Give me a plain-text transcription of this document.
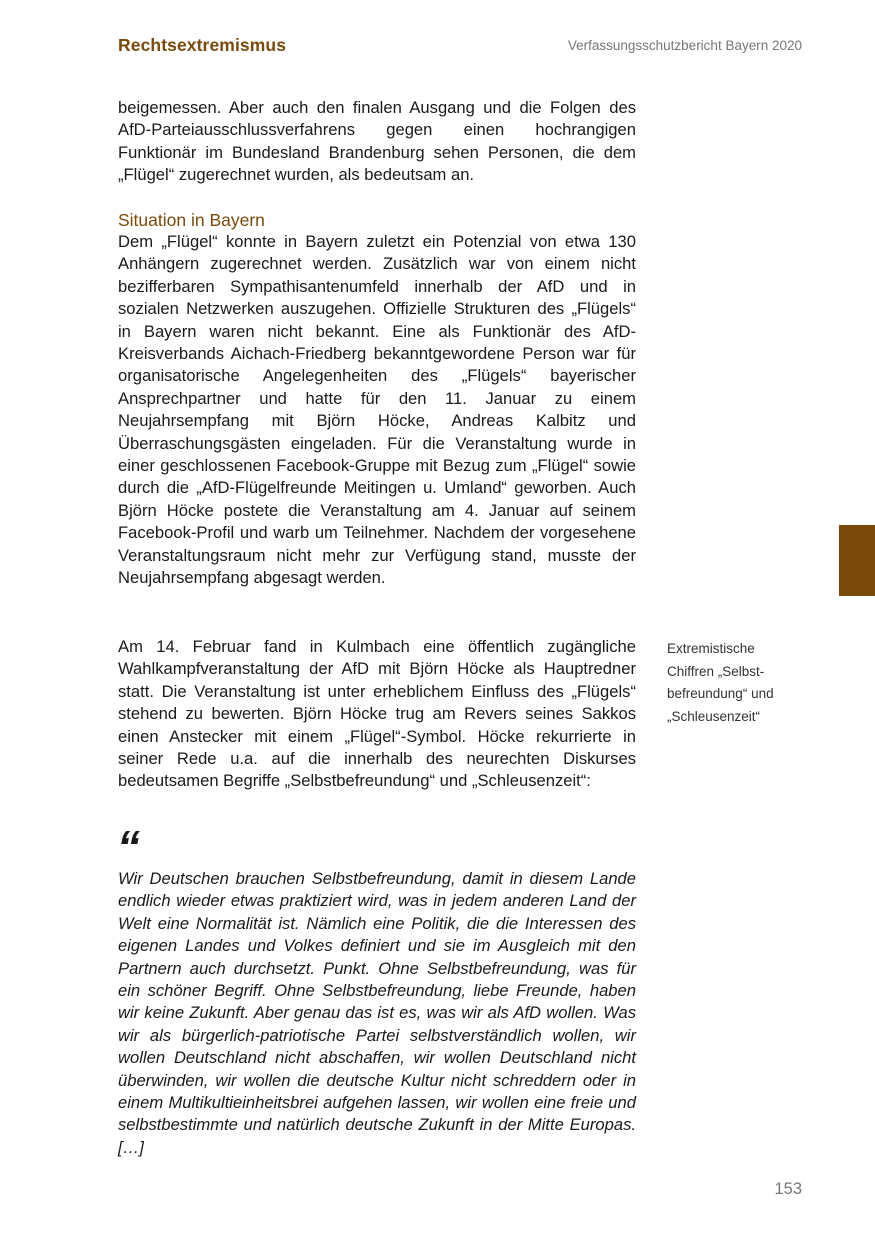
Rechtsextremismus	Verfassungsschutzbericht Bayern 2020

beigemessen. Aber auch den finalen Ausgang und die Folgen des AfD-Parteiausschlussverfahrens gegen einen hochrangigen Funktionär im Bundesland Brandenburg sehen Personen, die dem „Flügel“ zugerechnet wurden, als bedeutsam an.

Situation in Bayern

Dem „Flügel“ konnte in Bayern zuletzt ein Potenzial von etwa 130 Anhängern zugerechnet werden. Zusätzlich war von einem nicht bezifferbaren Sympathisantenumfeld innerhalb der AfD und in sozialen Netzwerken auszugehen. Offizielle Strukturen des „Flügels“ in Bayern waren nicht bekannt. Eine als Funktionär des AfD-Kreisverbands Aichach-Friedberg bekanntgewordene Person war für organisatorische Angelegenheiten des „Flügels“ bayerischer Ansprechpartner und hatte für den 11. Januar zu einem Neujahrsempfang mit Björn Höcke, Andreas Kalbitz und Überraschungsgästen eingeladen. Für die Veranstaltung wurde in einer geschlossenen Facebook-Gruppe mit Bezug zum „Flügel“ sowie durch die „AfD-Flügelfreunde Meitingen u. Umland“ geworben. Auch Björn Höcke postete die Veranstaltung am 4. Januar auf seinem Facebook-Profil und warb um Teilnehmer. Nachdem der vorgesehene Veranstaltungsraum nicht mehr zur Verfügung stand, musste der Neujahrsempfang abgesagt werden.

Am 14. Februar fand in Kulmbach eine öffentlich zugängliche Wahlkampfveranstaltung der AfD mit Björn Höcke als Hauptredner statt. Die Veranstaltung ist unter erheblichem Einfluss des „Flügels“ stehend zu bewerten. Björn Höcke trug am Revers seines Sakkos einen Anstecker mit einem „Flügel“-Symbol. Höcke rekurrierte in seiner Rede u.a. auf die innerhalb des neurechten Diskurses bedeutsamen Begriffe „Selbstbefreundung“ und „Schleusenzeit“:

Extremistische
Chiffren „Selbst-
befreundung“ und
„Schleusenzeit“
“
Wir Deutschen brauchen Selbstbefreundung, damit in diesem Lande endlich wieder etwas praktiziert wird, was in jedem anderen Land der Welt eine Normalität ist. Nämlich eine Politik, die die Interessen des eigenen Landes und Volkes definiert und sie im Ausgleich mit den Partnern auch durchsetzt. Punkt. Ohne Selbstbefreundung, was für ein schöner Begriff. Ohne Selbstbefreundung, liebe Freunde, haben wir keine Zukunft. Aber genau das ist es, was wir als AfD wollen. Was wir als bürgerlich-patriotische Partei selbstverständlich wollen, wir wollen Deutschland nicht abschaffen, wir wollen Deutschland nicht überwinden, wir wollen die deutsche Kultur nicht schreddern oder in einem Multikultieinheitsbrei aufgehen lassen, wir wollen eine freie und selbstbestimmte und natürlich deutsche Zukunft in der Mitte Europas. […]
153
